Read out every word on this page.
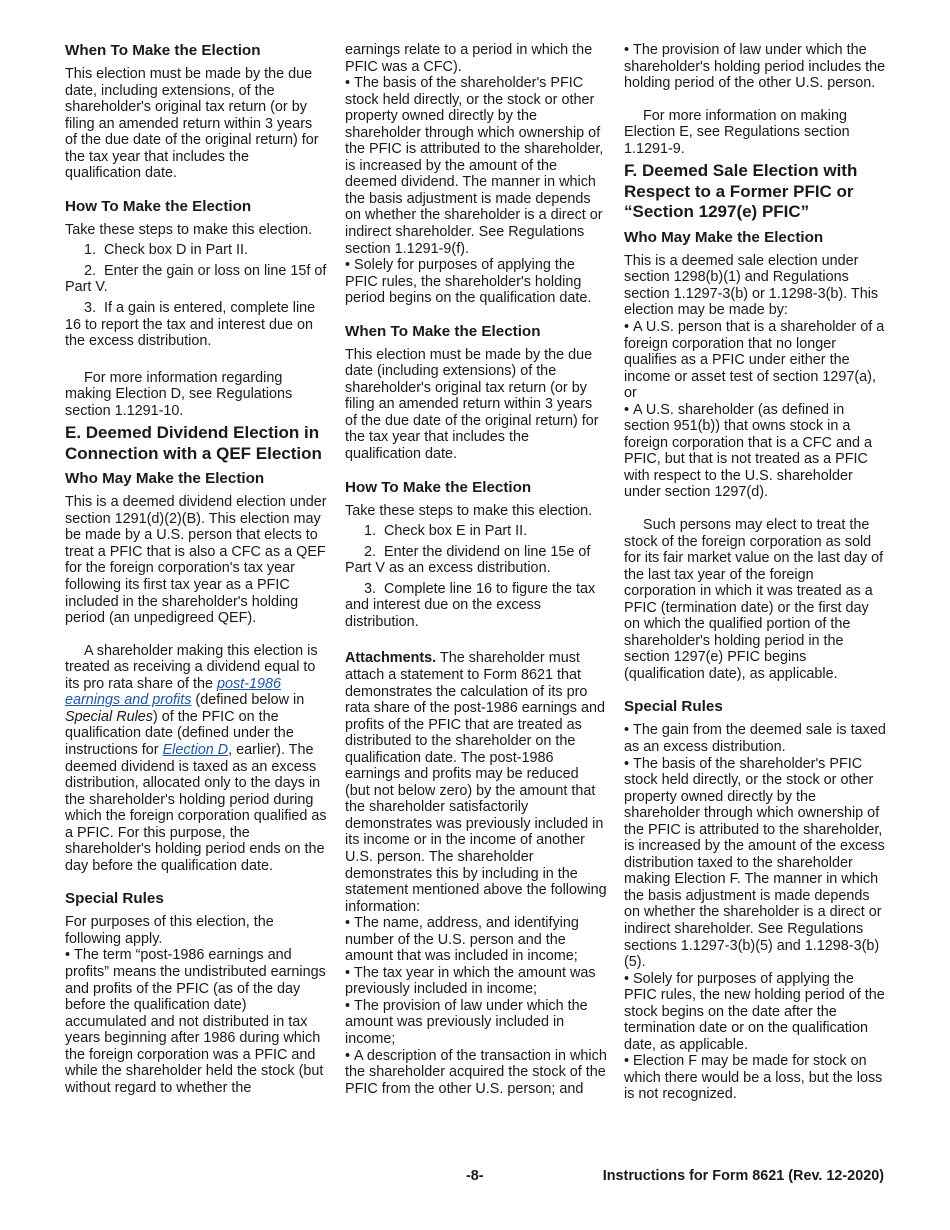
When To Make the Election

This election must be made by the due date, including extensions, of the shareholder's original tax return (or by filing an amended return within 3 years of the due date of the original return) for the tax year that includes the qualification date.

How To Make the Election

Take these steps to make this election.

1.  Check box D in Part II.

2.  Enter the gain or loss on line 15f of Part V.

3.  If a gain is entered, complete line 16 to report the tax and interest due on the excess distribution.

For more information regarding making Election D, see Regulations section 1.1291-10.

E. Deemed Dividend Election in Connection with a QEF Election
Who May Make the Election

This is a deemed dividend election under section 1291(d)(2)(B). This election may be made by a U.S. person that elects to treat a PFIC that is also a CFC as a QEF for the foreign corporation's tax year following its first tax year as a PFIC included in the shareholder's holding period (an unpedigreed QEF).

A shareholder making this election is treated as receiving a dividend equal to its pro rata share of the post-1986 earnings and profits (defined below in Special Rules) of the PFIC on the qualification date (defined under the instructions for Election D, earlier). The deemed dividend is taxed as an excess distribution, allocated only to the days in the shareholder's holding period during which the foreign corporation qualified as a PFIC. For this purpose, the shareholder's holding period ends on the day before the qualification date.

Special Rules

For purposes of this election, the following apply.

• The term “post-1986 earnings and profits” means the undistributed earnings and profits of the PFIC (as of the day before the qualification date) accumulated and not distributed in tax years beginning after 1986 during which the foreign corporation was a PFIC and while the shareholder held the stock (but without regard to whether the

earnings relate to a period in which the PFIC was a CFC).

• The basis of the shareholder's PFIC stock held directly, or the stock or other property owned directly by the shareholder through which ownership of the PFIC is attributed to the shareholder, is increased by the amount of the deemed dividend. The manner in which the basis adjustment is made depends on whether the shareholder is a direct or indirect shareholder. See Regulations section 1.1291-9(f).

• Solely for purposes of applying the PFIC rules, the shareholder's holding period begins on the qualification date.

When To Make the Election

This election must be made by the due date (including extensions) of the shareholder's original tax return (or by filing an amended return within 3 years of the due date of the original return) for the tax year that includes the qualification date.

How To Make the Election

Take these steps to make this election.

1.  Check box E in Part II.

2.  Enter the dividend on line 15e of Part V as an excess distribution.

3.  Complete line 16 to figure the tax and interest due on the excess distribution.

Attachments. The shareholder must attach a statement to Form 8621 that demonstrates the calculation of its pro rata share of the post-1986 earnings and profits of the PFIC that are treated as distributed to the shareholder on the qualification date. The post-1986 earnings and profits may be reduced (but not below zero) by the amount that the shareholder satisfactorily demonstrates was previously included in its income or in the income of another U.S. person. The shareholder demonstrates this by including in the statement mentioned above the following information:

• The name, address, and identifying number of the U.S. person and the amount that was included in income;

• The tax year in which the amount was previously included in income;

• The provision of law under which the amount was previously included in income;

• A description of the transaction in which the shareholder acquired the stock of the PFIC from the other U.S. person; and

• The provision of law under which the shareholder's holding period includes the holding period of the other U.S. person.

For more information on making Election E, see Regulations section 1.1291-9.

F. Deemed Sale Election with Respect to a Former PFIC or “Section 1297(e) PFIC”
Who May Make the Election

This is a deemed sale election under section 1298(b)(1) and Regulations section 1.1297-3(b) or 1.1298-3(b). This election may be made by:

• A U.S. person that is a shareholder of a foreign corporation that no longer qualifies as a PFIC under either the income or asset test of section 1297(a), or

• A U.S. shareholder (as defined in section 951(b)) that owns stock in a foreign corporation that is a CFC and a PFIC, but that is not treated as a PFIC with respect to the U.S. shareholder under section 1297(d).

Such persons may elect to treat the stock of the foreign corporation as sold for its fair market value on the last day of the last tax year of the foreign corporation in which it was treated as a PFIC (termination date) or the first day on which the qualified portion of the shareholder's holding period in the section 1297(e) PFIC begins (qualification date), as applicable.

Special Rules

• The gain from the deemed sale is taxed as an excess distribution.

• The basis of the shareholder's PFIC stock held directly, or the stock or other property owned directly by the shareholder through which ownership of the PFIC is attributed to the shareholder, is increased by the amount of the excess distribution taxed to the shareholder making Election F. The manner in which the basis adjustment is made depends on whether the shareholder is a direct or indirect shareholder. See Regulations sections 1.1297-3(b)(5) and 1.1298-3(b)(5).

• Solely for purposes of applying the PFIC rules, the new holding period of the stock begins on the date after the termination date or on the qualification date, as applicable.

• Election F may be made for stock on which there would be a loss, but the loss is not recognized.

-8-	Instructions for Form 8621 (Rev. 12-2020)
